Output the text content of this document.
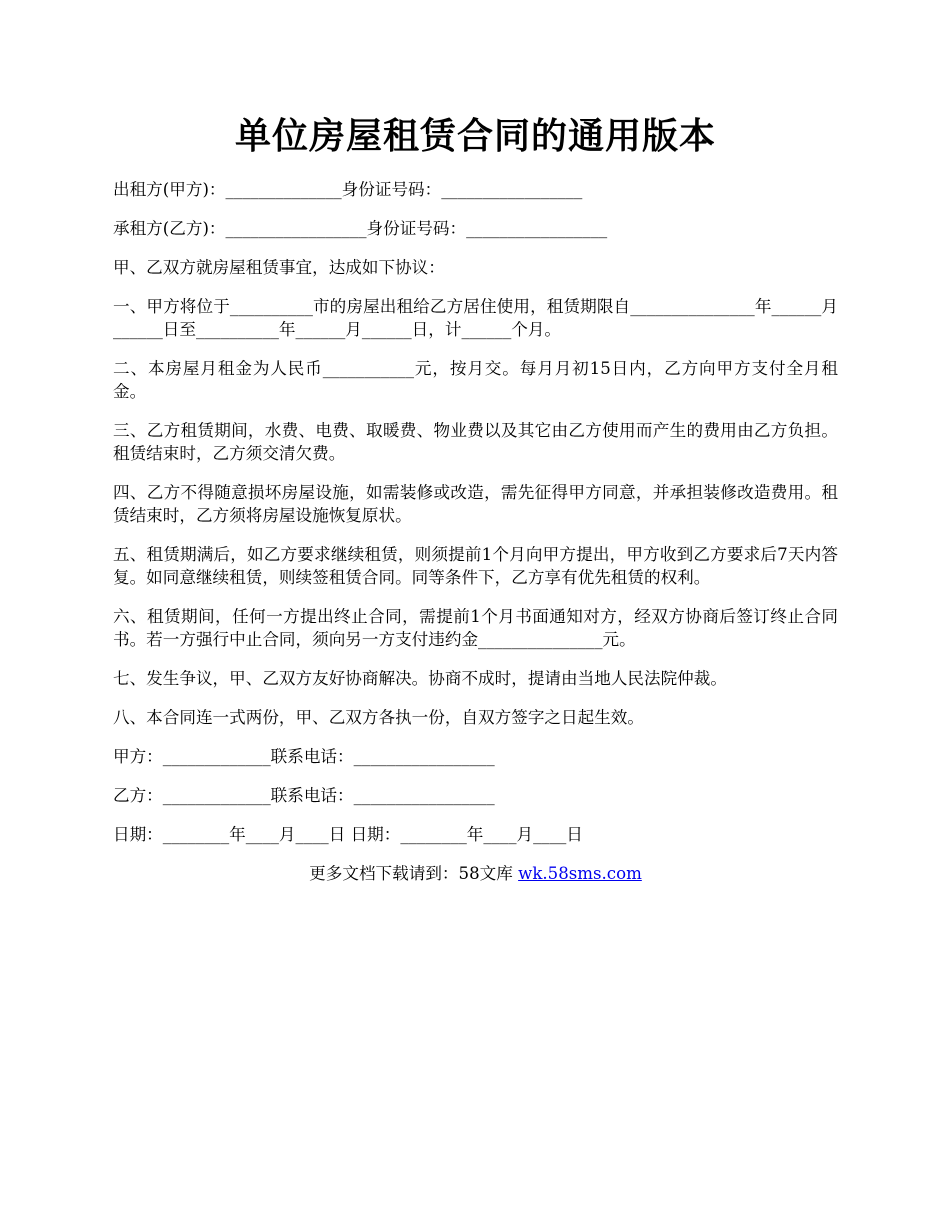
单位房屋租赁合同的通用版本

出租方(甲方)：______________身份证号码：_________________

承租方(乙方)：_________________身份证号码：_________________

甲、乙双方就房屋租赁事宜，达成如下协议：

一、甲方将位于__________市的房屋出租给乙方居住使用，租赁期限自_______________年______月______日至__________年______月______日，计______个月。

二、本房屋月租金为人民币___________元，按月交。每月月初15日内，乙方向甲方支付全月租金。

三、乙方租赁期间，水费、电费、取暖费、物业费以及其它由乙方使用而产生的费用由乙方负担。租赁结束时，乙方须交清欠费。

四、乙方不得随意损坏房屋设施，如需装修或改造，需先征得甲方同意，并承担装修改造费用。租赁结束时，乙方须将房屋设施恢复原状。

五、租赁期满后，如乙方要求继续租赁，则须提前1个月向甲方提出，甲方收到乙方要求后7天内答复。如同意继续租赁，则续签租赁合同。同等条件下，乙方享有优先租赁的权利。

六、租赁期间，任何一方提出终止合同，需提前1个月书面通知对方，经双方协商后签订终止合同书。若一方强行中止合同，须向另一方支付违约金_______________元。

七、发生争议，甲、乙双方友好协商解决。协商不成时，提请由当地人民法院仲裁。

八、本合同连一式两份，甲、乙双方各执一份，自双方签字之日起生效。

甲方：_____________联系电话：_________________

乙方：_____________联系电话：_________________

日期：________年____月____日 日期：________年____月____日

更多文档下载请到：58文库 wk.58sms.com
